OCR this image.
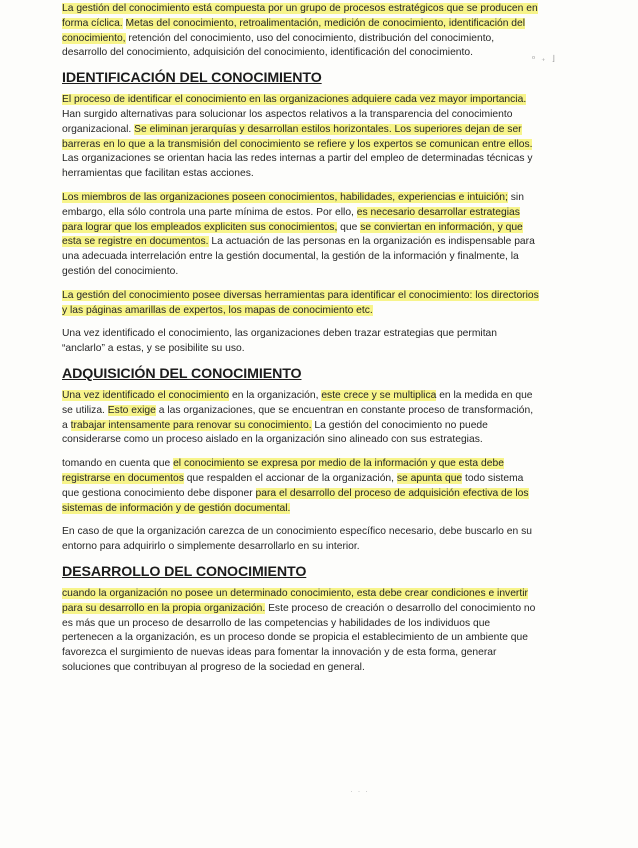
La gestión del conocimiento está compuesta por un grupo de procesos estratégicos que se producen en forma cíclica. Metas del conocimiento, retroalimentación, medición de conocimiento, identificación del conocimiento, retención del conocimiento, uso del conocimiento, distribución del conocimiento, desarrollo del conocimiento, adquisición del conocimiento, identificación del conocimiento.

IDENTIFICACIÓN DEL CONOCIMIENTO

El proceso de identificar el conocimiento en las organizaciones adquiere cada vez mayor importancia. Han surgido alternativas para solucionar los aspectos relativos a la transparencia del conocimiento organizacional. Se eliminan jerarquías y desarrollan estilos horizontales. Los superiores dejan de ser barreras en lo que a la transmisión del conocimiento se refiere y los expertos se comunican entre ellos. Las organizaciones se orientan hacia las redes internas a partir del empleo de determinadas técnicas y herramientas que facilitan estas acciones.

Los miembros de las organizaciones poseen conocimientos, habilidades, experiencias e intuición; sin embargo, ella sólo controla una parte mínima de estos. Por ello, es necesario desarrollar estrategias para lograr que los empleados expliciten sus conocimientos, que se conviertan en información, y que esta se registre en documentos. La actuación de las personas en la organización es indispensable para una adecuada interrelación entre la gestión documental, la gestión de la información y finalmente, la gestión del conocimiento.

La gestión del conocimiento posee diversas herramientas para identificar el conocimiento: los directorios y las páginas amarillas de expertos, los mapas de conocimiento etc.

Una vez identificado el conocimiento, las organizaciones deben trazar estrategias que permitan “anclarlo” a estas, y se posibilite su uso.

ADQUISICIÓN DEL CONOCIMIENTO

Una vez identificado el conocimiento en la organización, este crece y se multiplica en la medida en que se utiliza. Esto exige a las organizaciones, que se encuentran en constante proceso de transformación, a trabajar intensamente para renovar su conocimiento. La gestión del conocimiento no puede considerarse como un proceso aislado en la organización sino alineado con sus estrategias.

tomando en cuenta que el conocimiento se expresa por medio de la información y que esta debe registrarse en documentos que respalden el accionar de la organización, se apunta que todo sistema que gestiona conocimiento debe disponer para el desarrollo del proceso de adquisición efectiva de los sistemas de información y de gestión documental.

En caso de que la organización carezca de un conocimiento específico necesario, debe buscarlo en su entorno para adquirirlo o simplemente desarrollarlo en su interior.

DESARROLLO DEL CONOCIMIENTO

cuando la organización no posee un determinado conocimiento, esta debe crear condiciones e invertir para su desarrollo en la propia organización. Este proceso de creación o desarrollo del conocimiento no es más que un proceso de desarrollo de las competencias y habilidades de los individuos que pertenecen a la organización, es un proceso donde se propicia el establecimiento de un ambiente que favorezca el surgimiento de nuevas ideas para fomentar la innovación y de esta forma, generar soluciones que contribuyan al progreso de la sociedad en general.

ᵒ ₊ ⌋
· · ·
